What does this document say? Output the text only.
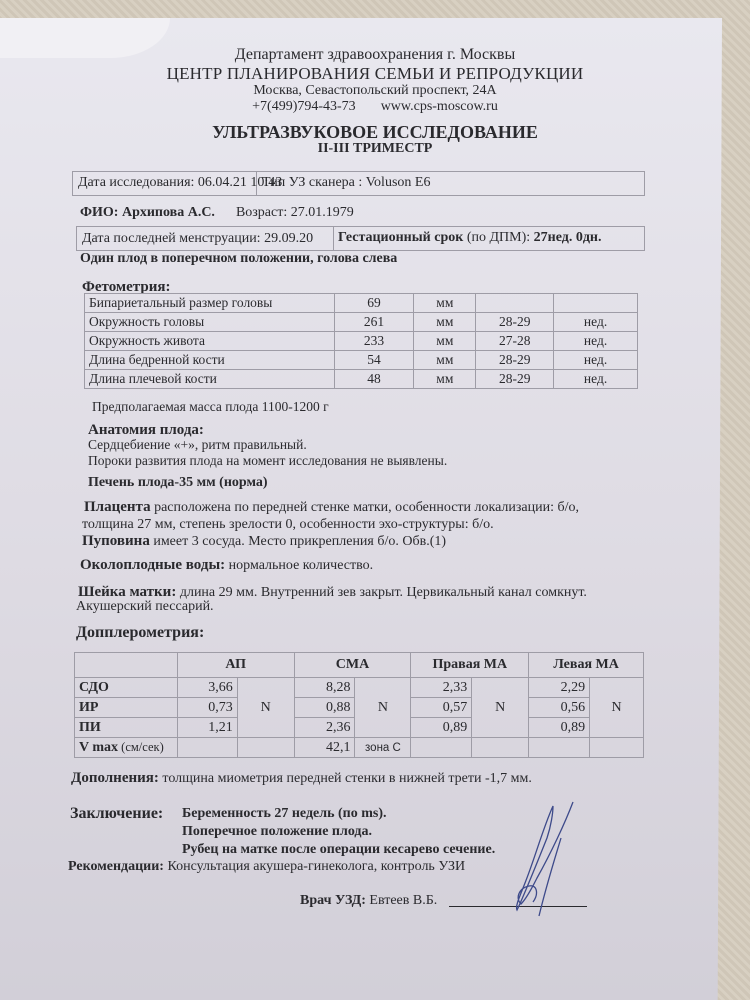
Департамент здравоохранения г. Москвы
ЦЕНТР ПЛАНИРОВАНИЯ СЕМЬИ И РЕПРОДУКЦИИ
Москва, Севастопольский проспект, 24А
+7(499)794-43-73 www.cps-moscow.ru
УЛЬТРАЗВУКОВОЕ ИССЛЕДОВАНИЕ
II-III ТРИМЕСТР
Дата исследования: 06.04.21 10:43
Тип УЗ сканера : Voluson E6
ФИО: Архипова А.С. Возраст: 27.01.1979
Дата последней менструации: 29.09.20 Гестационный срок (по ДПМ): 27нед. 0дн.
Один плод в поперечном положении, голова слева
Фетометрия:
Бипариетальный размер головы	69	мм		
Окружность головы	261	мм	28-29	нед.
Окружность живота	233	мм	27-28	нед.
Длина бедренной кости	54	мм	28-29	нед.
Длина плечевой кости	48	мм	28-29	нед.
Предполагаемая масса плода 1100-1200 г
Анатомия плода:
Сердцебиение «+», ритм правильный.
Пороки развития плода на момент исследования не выявлены.
Печень плода-35 мм (норма)
Плацента расположена по передней стенке матки, особенности локализации: б/о,
толщина 27 мм, степень зрелости 0, особенности эхо-структуры: б/о.
Пуповина имеет 3 сосуда. Место прикрепления б/о. Обв.(1)
Околоплодные воды: нормальное количество.
Шейка матки: длина 29 мм. Внутренний зев закрыт. Цервикальный канал сомкнут.
Акушерский пессарий.
Допплерометрия:
	АП		СМА		Правая МА		Левая МА	
СДО	3,66	N	8,28	N	2,33	N	2,29	N
ИР	0,73		0,88		0,57		0,56	
ПИ	1,21		2,36		0,89		0,89	
V max (см/сек)			42,1	зона С				
Дополнения: толщина миометрия передней стенки в нижней трети -1,7 мм.
Заключение: Беременность 27 недель (по ms).
Поперечное положение плода.
Рубец на матке после операции кесарево сечение.
Рекомендации: Консультация акушера-гинеколога, контроль УЗИ
Врач УЗД: Евтеев В.Б.
